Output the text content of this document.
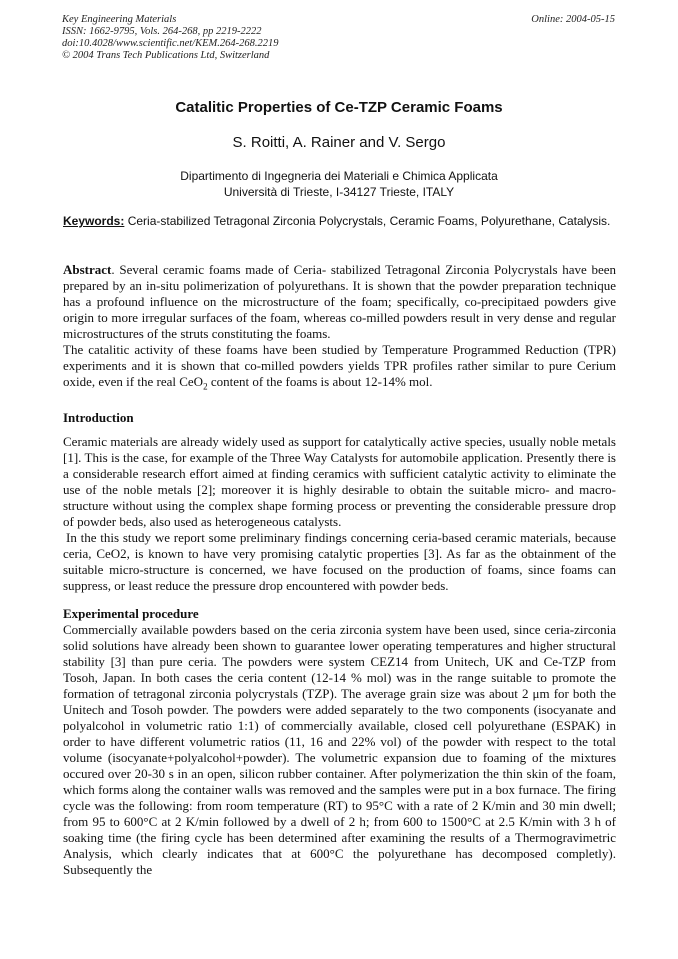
Key Engineering Materials
ISSN: 1662-9795, Vols. 264-268, pp 2219-2222
doi:10.4028/www.scientific.net/KEM.264-268.2219
© 2004 Trans Tech Publications Ltd, Switzerland
Online: 2004-05-15
Catalitic Properties of Ce-TZP Ceramic Foams
S. Roitti, A. Rainer and V. Sergo
Dipartimento di Ingegneria dei Materiali e Chimica Applicata
Università di Trieste, I-34127 Trieste, ITALY
Keywords: Ceria-stabilized Tetragonal Zirconia Polycrystals, Ceramic Foams, Polyurethane, Catalysis.

Abstract. Several ceramic foams made of Ceria- stabilized Tetragonal Zirconia Polycrystals have been prepared by an in-situ polimerization of polyurethans. It is shown that the powder preparation technique has a profound influence on the microstructure of the foam; specifically, co-precipitaed powders give origin to more irregular surfaces of the foam, whereas co-milled powders result in very dense and regular microstructures of the struts constituting the foams.

The catalitic activity of these foams have been studied by Temperature Programmed Reduction (TPR) experiments and it is shown that co-milled powders yields TPR profiles rather similar to pure Cerium oxide, even if the real CeO$_2$ content of the foams is about 12-14% mol.

Introduction

Ceramic materials are already widely used as support for catalytically active species, usually noble metals [1]. This is the case, for example of the Three Way Catalysts for automobile application. Presently there is a considerable research effort aimed at finding ceramics with sufficient catalytic activity to eliminate the use of the noble metals [2]; moreover it is highly desirable to obtain the suitable micro- and macro-structure without using the complex shape forming process or preventing the considerable pressure drop of powder beds, also used as heterogeneous catalysts.

In the this study we report some preliminary findings concerning ceria-based ceramic materials, because ceria, CeO2, is known to have very promising catalytic properties [3]. As far as the obtainment of the suitable micro-structure is concerned, we have focused on the production of foams, since foams can suppress, or least reduce the pressure drop encountered with powder beds.

Experimental procedure

Commercially available powders based on the ceria zirconia system have been used, since ceria-zirconia solid solutions have already been shown to guarantee lower operating temperatures and higher structural stability [3] than pure ceria. The powders were system CEZ14 from Unitech, UK and Ce-TZP from Tosoh, Japan. In both cases the ceria content (12-14 % mol) was in the range suitable to promote the formation of tetragonal zirconia polycrystals (TZP). The average grain size was about 2 μm for both the Unitech and Tosoh powder. The powders were added separately to the two components (isocyanate and polyalcohol in volumetric ratio 1:1) of commercially available, closed cell polyurethane (ESPAK) in order to have different volumetric ratios (11, 16 and 22% vol) of the powder with respect to the total volume (isocyanate+polyalcohol+powder). The volumetric expansion due to foaming of the mixtures occured over 20-30 s in an open, silicon rubber container. After polymerization the thin skin of the foam, which forms along the container walls was removed and the samples were put in a box furnace. The firing cycle was the following: from room temperature (RT) to 95°C with a rate of 2 K/min and 30 min dwell; from 95 to 600°C at 2 K/min followed by a dwell of 2 h; from 600 to 1500°C at 2.5 K/min with 3 h of soaking time (the firing cycle has been determined after examining the results of a Thermogravimetric Analysis, which clearly indicates that at 600°C the polyurethane has decomposed completly). Subsequently the
